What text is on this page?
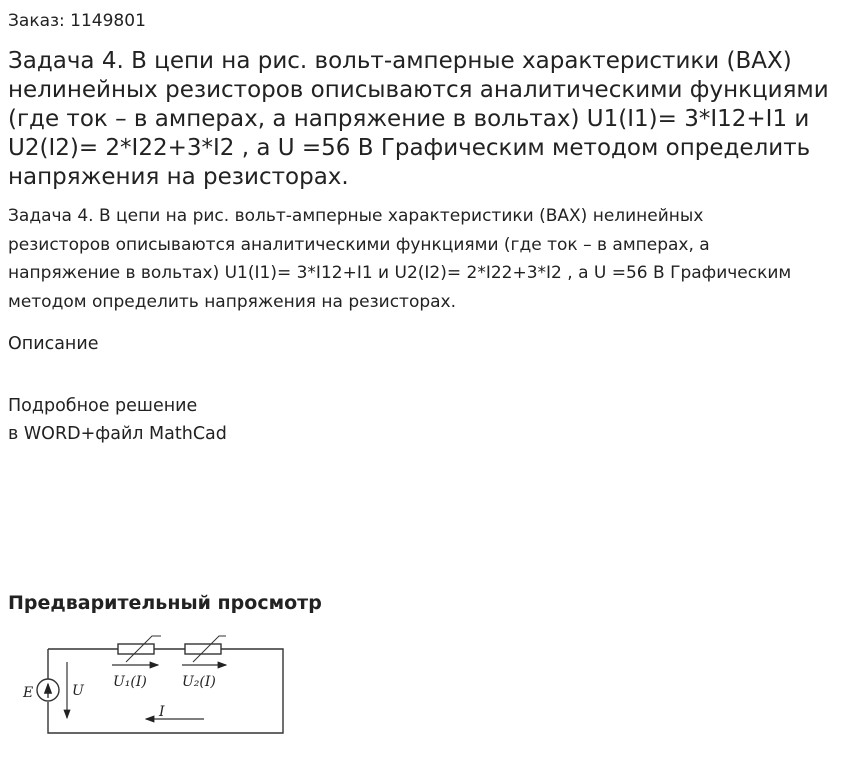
Заказ: 1149801
Задача 4. В цепи на рис. вольт-амперные характеристики (ВАХ) нелинейных резисторов описываются аналитическими функциями (где ток – в амперах, а напряжение в вольтах) U1(I1)= 3*I12+I1 и U2(I2)= 2*I22+3*I2 , а U =56 В Графическим методом определить напряжения на резисторах.

Задача 4. В цепи на рис. вольт-амперные характеристики (ВАХ) нелинейных резисторов описываются аналитическими функциями (где ток – в амперах, а напряжение в вольтах) U1(I1)= 3*I12+I1 и U2(I2)= 2*I22+3*I2 , а U =56 В Графическим методом определить напряжения на резисторах.

Описание
Подробное решение
в WORD+файл MathCad
Предварительный просмотр
E	U
U₁(I)	U₂(I)
I
